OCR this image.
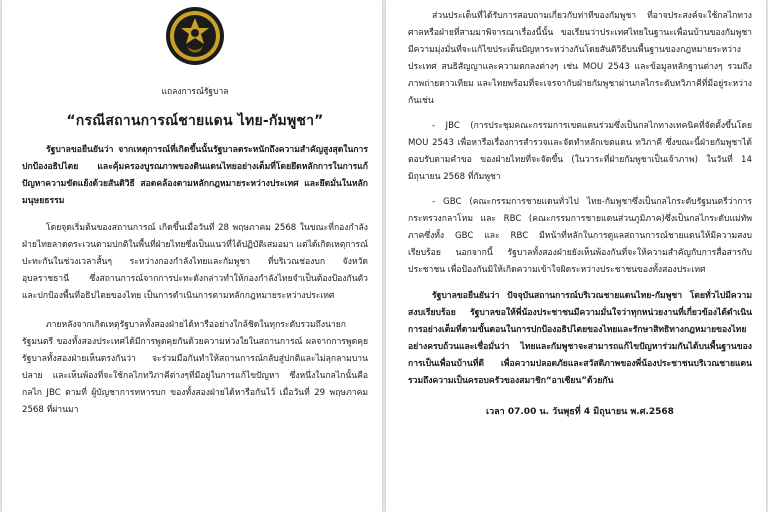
แถลงการณ์รัฐบาล
“กรณีสถานการณ์ชายแดน ไทย-กัมพูชา”

รัฐบาลขอยืนยันว่า จากเหตุการณ์ที่เกิดขึ้นนั้นรัฐบาลตระหนักถึงความสำคัญสูงสุดในการปกป้องอธิปไตย และคุ้มครองบูรณภาพของดินแดนไทยอย่างเต็มที่โดยยึดหลักการในการแก้ปัญหาความขัดแย้งด้วยสันติวิธี สอดคล้องตามหลักกฎหมายระหว่างประเทศ และยึดมั่นในหลักมนุษยธรรม

โดยจุดเริ่มต้นของสถานการณ์ เกิดขึ้นเมื่อวันที่ 28 พฤษภาคม 2568 ในขณะที่กองกำลังฝ่ายไทยลาดตระเวนตามปกติในพื้นที่ฝ่ายไทยซึ่งเป็นแนวที่ได้ปฏิบัติเสมอมา แต่ได้เกิดเหตุการณ์ปะทะกันในช่วงเวลาสั้นๆ ระหว่างกองกำลังไทยและกัมพูชา ที่บริเวณช่องบก จังหวัดอุบลราชธานี ซึ่งสถานการณ์จากการปะทะดังกล่าวทำให้กองกำลังไทยจำเป็นต้องป้องกันตัว และปกป้องพื้นที่อธิปไตยของไทย เป็นการดำเนินการตามหลักกฎหมายระหว่างประเทศ

ภายหลังจากเกิดเหตุรัฐบาลทั้งสองฝ่ายได้หารืออย่างใกล้ชิดในทุกระดับรวมถึงนายกรัฐมนตรี ของทั้งสองประเทศได้มีการพูดคุยกันด้วยความห่วงใยในสถานการณ์ ผลจากการพูดคุยรัฐบาลทั้งสองฝ่ายเห็นตรงกันว่า จะร่วมมือกันทำให้สถานการณ์กลับสู่ปกติและไม่ลุกลามบานปลาย และเห็นพ้องที่จะใช้กลไกทวิภาคีต่างๆที่มีอยู่ในการแก้ไขปัญหา ซึ่งหนึ่งในกลไกนั้นคือกลไก JBC ตามที่ ผู้บัญชาการทหารบก ของทั้งสองฝ่ายได้หารือกันไว้ เมื่อวันที่ 29 พฤษภาคม 2568 ที่ผ่านมา

ส่วนประเด็นที่ได้รับการสอบถามเกี่ยวกับท่าทีของกัมพูชา ที่อาจประสงค์จะใช้กลไกทางศาลหรือฝ่ายที่สามมาพิจารณาเรื่องนี้นั้น ขอเรียนว่าประเทศไทยในฐานะเพื่อนบ้านของกัมพูชามีความมุ่งมั่นที่จะแก้ไขประเด็นปัญหาระหว่างกันโดยสันติวิธีบนพื้นฐานของกฎหมายระหว่างประเทศ สนธิสัญญาและความตกลงต่างๆ เช่น MOU 2543 และข้อมูลหลักฐานต่างๆ รวมถึงภาพถ่ายดาวเทียม และไทยพร้อมที่จะเจรจากับฝ่ายกัมพูชาผ่านกลไกระดับทวิภาคีที่มีอยู่ระหว่างกันเช่น

- JBC (การประชุมคณะกรรมการเขตแดนร่วมซึ่งเป็นกลไกทางเทคนิคที่จัดตั้งขึ้นโดย MOU 2543 เพื่อหารือเรื่องการสำรวจและจัดทำหลักเขตแดน ทวิภาคี ซึ่งขณะนี้ฝ่ายกัมพูชาได้ตอบรับตามคำขอ ของฝ่ายไทยที่จะจัดขึ้น (ในวาระที่ฝ่ายกัมพูชาเป็นเจ้าภาพ) ในวันที่ 14 มิถุนายน 2568 ที่กัมพูชา

- GBC (คณะกรรมการชายแดนทั่วไป ไทย-กัมพูชาซึ่งเป็นกลไกระดับรัฐมนตรีว่าการกระทรวงกลาโหม และ RBC (คณะกรรมการชายแดนส่วนภูมิภาค)ซึ่งเป็นกลไกระดับแม่ทัพภาคซึ่งทั้ง GBC และ RBC มีหน้าที่หลักในการดูแลสถานการณ์ชายแดนให้มีความสงบเรียบร้อย นอกจากนี้ รัฐบาลทั้งสองฝ่ายยังเห็นพ้องกันที่จะให้ความสำคัญกับการสื่อสารกับประชาชน เพื่อป้องกันมิให้เกิดความเข้าใจผิดระหว่างประชาชนของทั้งสองประเทศ

รัฐบาลขอยืนยันว่า ปัจจุบันสถานการณ์บริเวณชายแดนไทย-กัมพูชา โดยทั่วไปมีความสงบเรียบร้อย รัฐบาลขอให้พี่น้องประชาชนมีความมั่นใจว่าทุกหน่วยงานที่เกี่ยวข้องได้ดำเนินการอย่างเต็มที่ตามขั้นตอนในการปกป้องอธิปไตยของไทยและรักษาสิทธิทางกฎหมายของไทยอย่างครบถ้วนและเชื่อมั่นว่า ไทยและกัมพูชาจะสามารถแก้ไขปัญหาร่วมกันได้บนพื้นฐานของการเป็นเพื่อนบ้านที่ดี เพื่อความปลอดภัยและสวัสดิภาพของพี่น้องประชาชนบริเวณชายแดนรวมถึงความเป็นครอบครัวของสมาชิก“อาเซียน”ด้วยกัน

เวลา 07.00 น. วันพุธที่ 4 มิถุนายน พ.ศ.2568
